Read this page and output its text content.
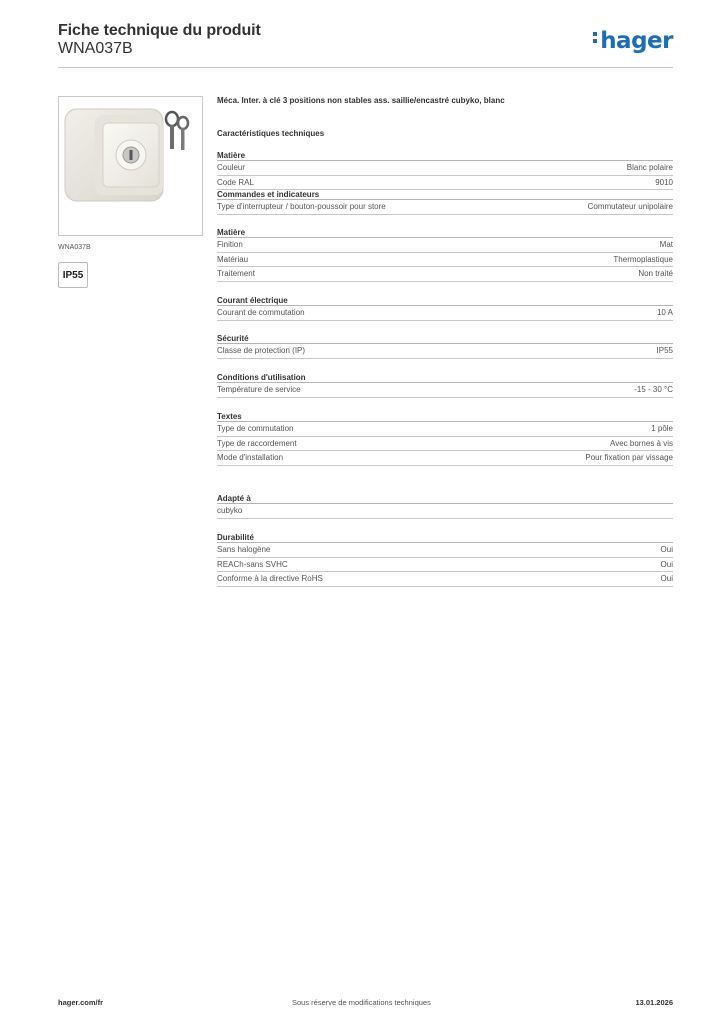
Fiche technique du produit
WNA037B	hager
WNA037B
IP55
Méca. Inter. à clé 3 positions non stables ass. saillie/encastré cubyko, blanc
Caractéristiques techniques
Matière
Couleur	Blanc polaire
Code RAL	9010
Commandes et indicateurs
Type d'interrupteur / bouton-poussoir pour store	Commutateur unipolaire
Matière
Finition	Mat
Matériau	Thermoplastique
Traitement	Non traité
Courant électrique
Courant de commutation	10 A
Sécurité
Classe de protection (IP)	IP55
Conditions d'utilisation
Température de service	-15 - 30 °C
Textes
Type de commutation	1 pôle
Type de raccordement	Avec bornes à vis
Mode d'installation	Pour fixation par vissage
Adapté à
cubyko
Durabilité
Sans halogène	Oui
REACh-sans SVHC	Oui
Conforme à la directive RoHS	Oui
hager.com/fr	Sous réserve de modifications techniques	13.01.2026
